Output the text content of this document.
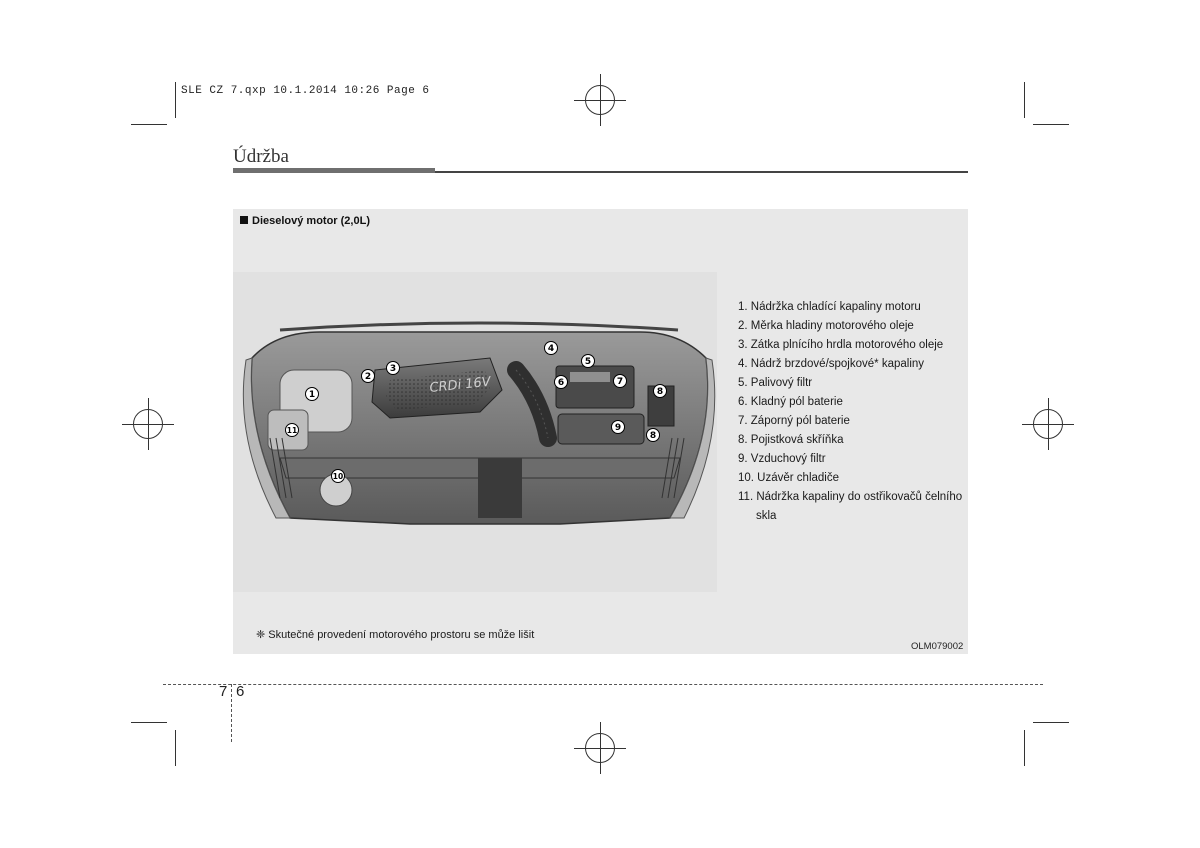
SLE CZ 7.qxp 10.1.2014 10:26 Page 6
Údržba
Dieselový motor (2,0L)
CRDi 16V
1
2
3
4
5
6	7
8
8
9
10
11
1. Nádržka chladící kapaliny motoru
2. Měrka hladiny motorového oleje
3. Zátka plnícího hrdla motorového oleje
4. Nádrž brzdové/spojkové* kapaliny
5. Palivový filtr
6. Kladný pól baterie
7. Záporný pól baterie
8. Pojistková skříňka
9. Vzduchový filtr
10. Uzávěr chladiče
11. Nádržka kapaliny do ostřikovačů čelního skla
❈ Skutečné provedení motorového prostoru se může lišit
OLM079002
7 6
